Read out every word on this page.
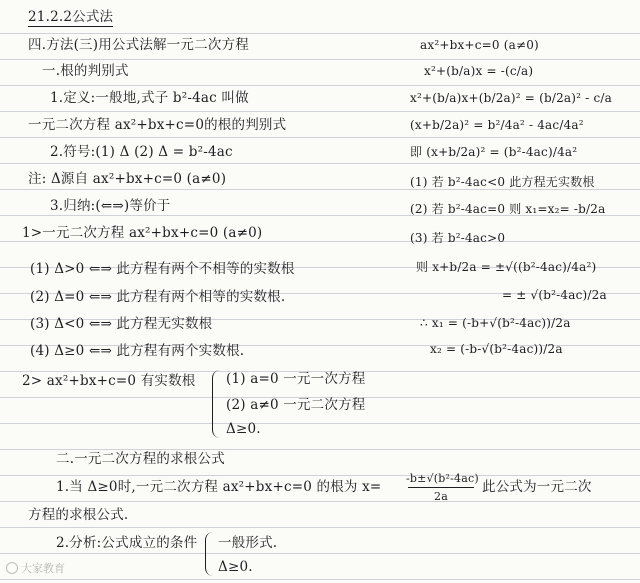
21.2.2公式法
四.方法(三)用公式法解一元二次方程
一.根的判别式
1.定义:一般地,式子 b²-4ac 叫做
一元二次方程 ax²+bx+c=0的根的判别式
2.符号:(1) Δ (2) Δ = b²-4ac
注: Δ源自 ax²+bx+c=0 (a≠0)
3.归纳:(⇐⇒)等价于
1>一元二次方程 ax²+bx+c=0 (a≠0)
(1) Δ>0 ⇐⇒ 此方程有两个不相等的实数根
(2) Δ=0 ⇐⇒ 此方程有两个相等的实数根.
(3) Δ<0 ⇐⇒ 此方程无实数根
(4) Δ≥0 ⇐⇒ 此方程有两个实数根.
2> ax²+bx+c=0 有实数根 (1) a=0 一元一次方程
(2) a≠0 一元二次方程
Δ≥0.
二.一元二次方程的求根公式
1.当 Δ≥0时,一元二次方程 ax²+bx+c=0 的根为 x=
-b±√(b²-4ac)
2a
此公式为一元二次
方程的求根公式.
2.分析:公式成立的条件 一般形式.
Δ≥0.
ax²+bx+c=0 (a≠0)
x²+(b/a)x = -(c/a)
x²+(b/a)x+(b/2a)² = (b/2a)² - c/a
(x+b/2a)² = b²/4a² - 4ac/4a²
即 (x+b/2a)² = (b²-4ac)/4a²
(1) 若 b²-4ac<0 此方程无实数根
(2) 若 b²-4ac=0 则 x₁=x₂= -b/2a
(3) 若 b²-4ac>0
则 x+b/2a = ±√((b²-4ac)/4a²)
= ± √(b²-4ac)/2a
∴ x₁ = (-b+√(b²-4ac))/2a
x₂ = (-b-√(b²-4ac))/2a
大家教育
